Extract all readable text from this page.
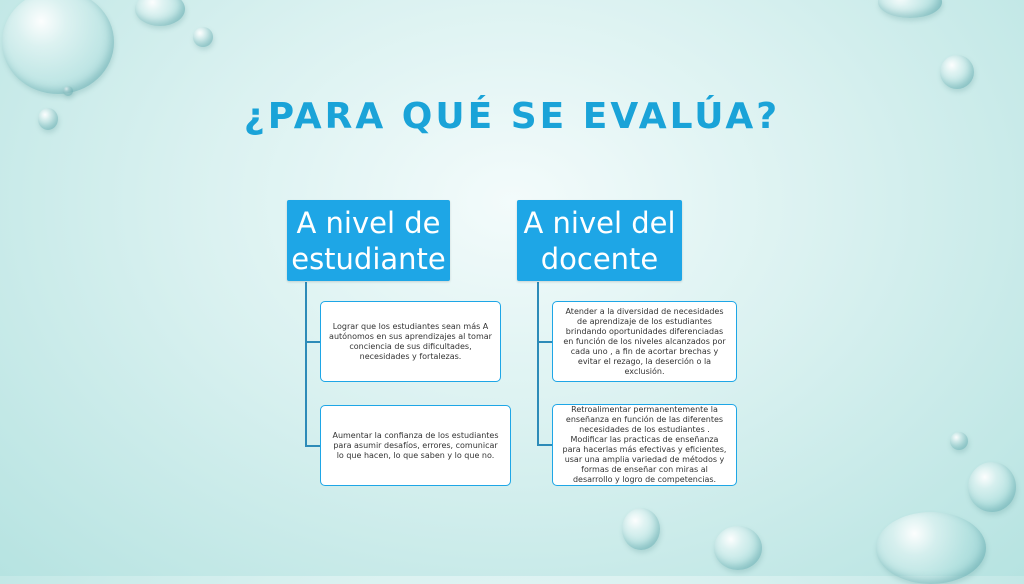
¿PARA QUÉ SE EVALÚA?
A nivel de estudiante
Lograr que los estudiantes sean más A autónomos en sus aprendizajes al tomar conciencia de sus dificultades, necesidades y fortalezas.
Aumentar la confianza de los estudiantes para asumir desafíos, errores, comunicar lo que hacen, lo que saben y lo que no.
A nivel del docente
Atender a la diversidad de necesidades de aprendizaje de los estudiantes brindando oportunidades diferenciadas en función de los niveles alcanzados por cada uno , a fin de acortar brechas y evitar el rezago, la deserción o la exclusión.
Retroalimentar permanentemente la enseñanza en función de las diferentes necesidades de los estudiantes . Modificar las practicas de enseñanza para hacerlas más efectivas y eficientes, usar una amplia variedad de métodos y formas de enseñar con miras al desarrollo y logro de competencias.
